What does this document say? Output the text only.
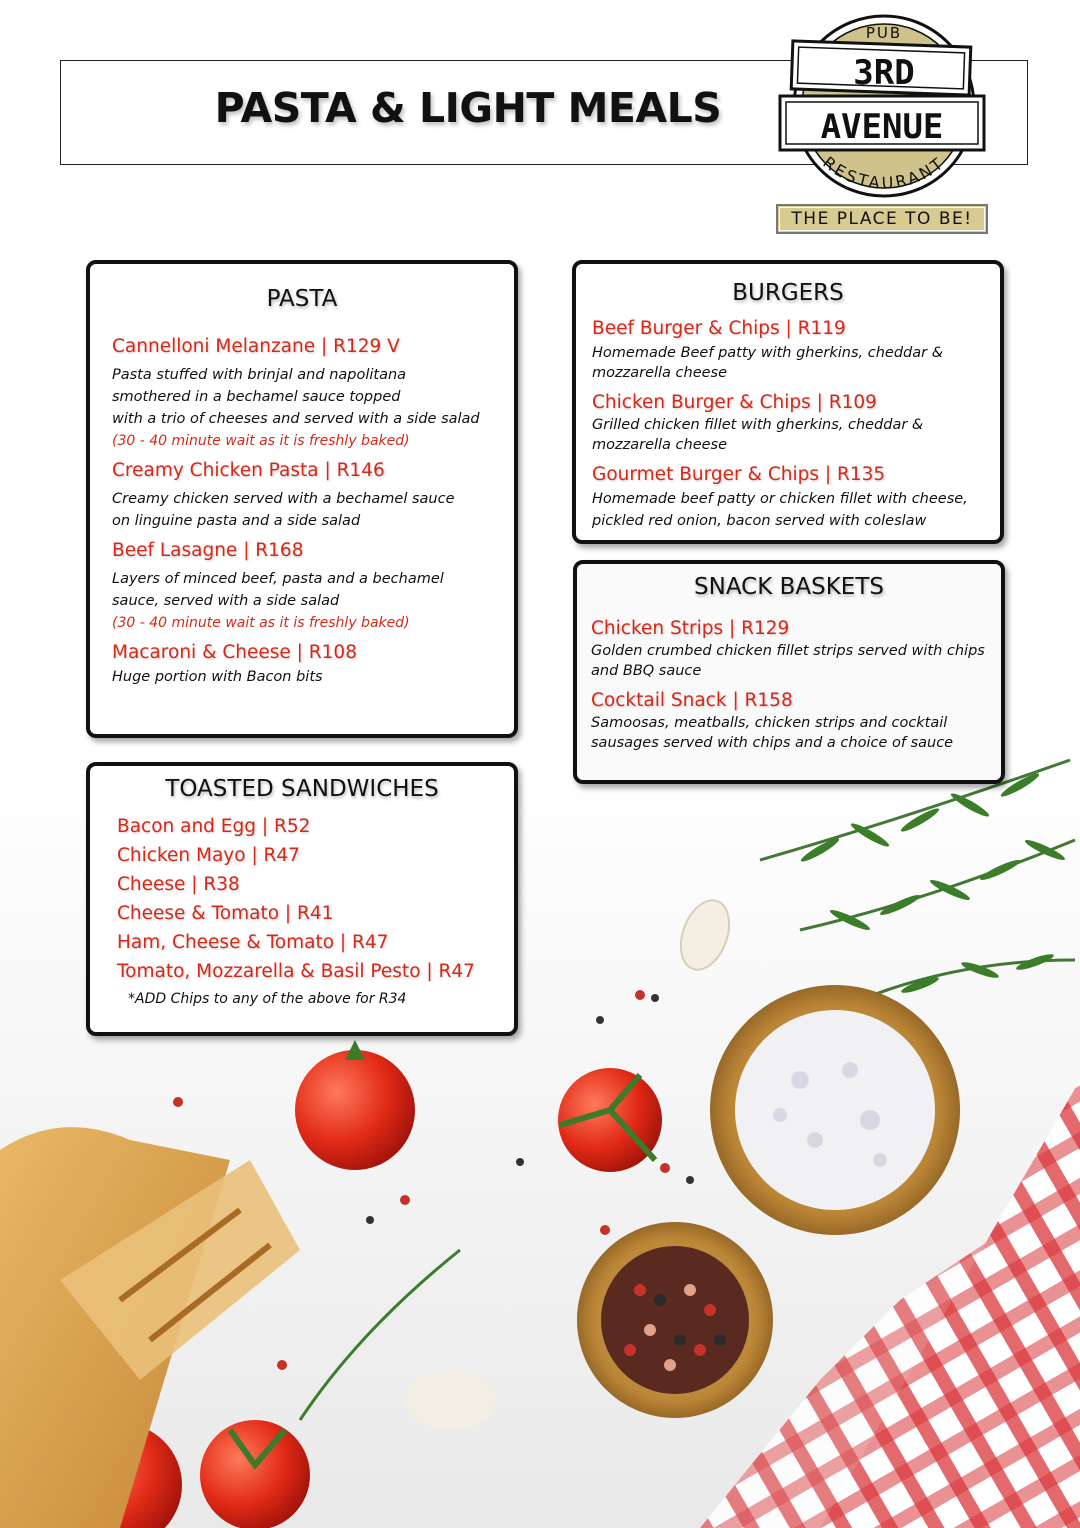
PASTA & LIGHT MEALS
PUB
3RD
AVENUE
RESTAURANT
THE PLACE TO BE!
PASTA
Cannelloni Melanzane | R129 V
Pasta stuffed with brinjal and napolitana
smothered in a bechamel sauce topped
with a trio of cheeses and served with a side salad
(30 - 40 minute wait as it is freshly baked)
Creamy Chicken Pasta | R146
Creamy chicken served with a bechamel sauce
on linguine pasta and a side salad
Beef Lasagne | R168
Layers of minced beef, pasta and a bechamel
sauce, served with a side salad
(30 - 40 minute wait as it is freshly baked)
Macaroni & Cheese | R108
Huge portion with Bacon bits
BURGERS
Beef Burger & Chips | R119
Homemade Beef patty with gherkins, cheddar &
mozzarella cheese
Chicken Burger & Chips | R109
Grilled chicken fillet with gherkins, cheddar &
mozzarella cheese
Gourmet Burger & Chips | R135
Homemade beef patty or chicken fillet with cheese,
pickled red onion, bacon served with coleslaw
SNACK BASKETS
Chicken Strips | R129
Golden crumbed chicken fillet strips served with chips
and BBQ sauce
Cocktail Snack | R158
Samoosas, meatballs, chicken strips and cocktail
sausages served with chips and a choice of sauce
TOASTED SANDWICHES
Bacon and Egg | R52
Chicken Mayo | R47
Cheese | R38
Cheese & Tomato | R41
Ham, Cheese & Tomato | R47
Tomato, Mozzarella & Basil Pesto | R47
*ADD Chips to any of the above for R34
